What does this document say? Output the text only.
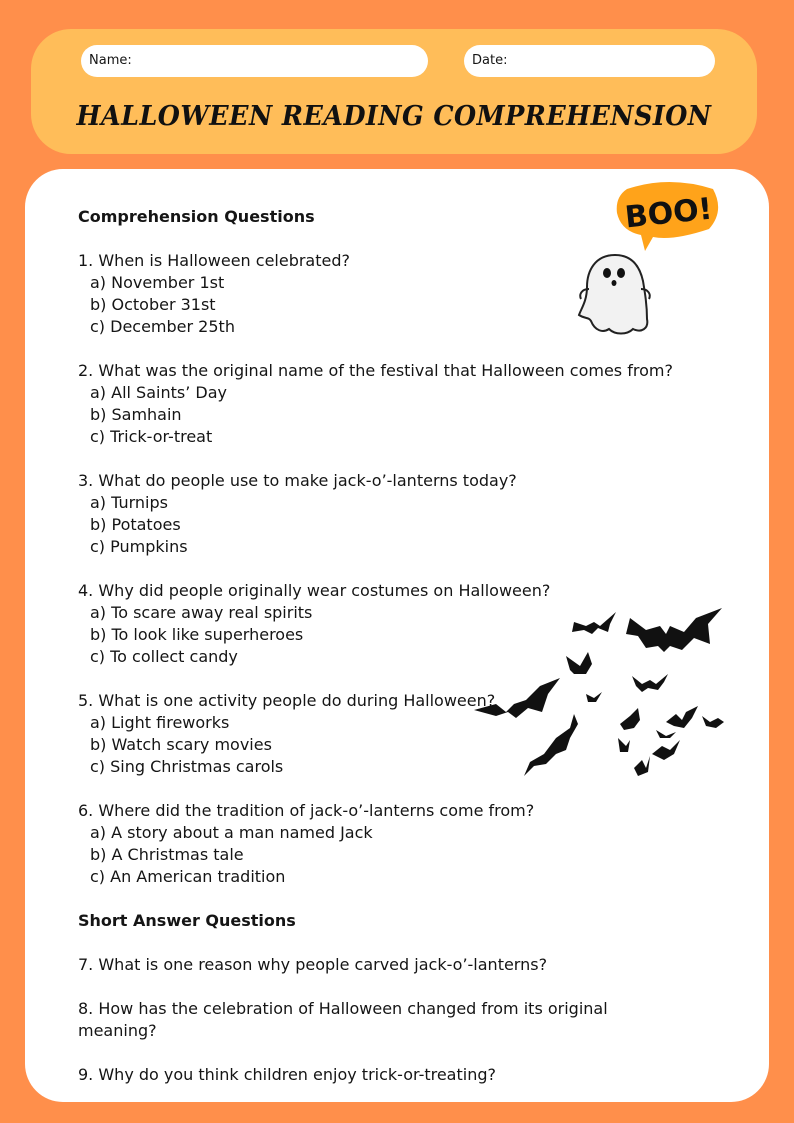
Name:	Date:
HALLOWEEN READING COMPREHENSION
BOO!
Comprehension Questions
1. When is Halloween celebrated?
a) November 1st
b) October 31st
c) December 25th
2. What was the original name of the festival that Halloween comes from?
a) All Saints’ Day
b) Samhain
c) Trick-or-treat
3. What do people use to make jack-o’-lanterns today?
a) Turnips
b) Potatoes
c) Pumpkins
4. Why did people originally wear costumes on Halloween?
a) To scare away real spirits
b) To look like superheroes
c) To collect candy
5. What is one activity people do during Halloween?
a) Light fireworks
b) Watch scary movies
c) Sing Christmas carols
6. Where did the tradition of jack-o’-lanterns come from?
a) A story about a man named Jack
b) A Christmas tale
c) An American tradition
Short Answer Questions
7. What is one reason why people carved jack-o’-lanterns?
8. How has the celebration of Halloween changed from its original meaning?
9. Why do you think children enjoy trick-or-treating?
